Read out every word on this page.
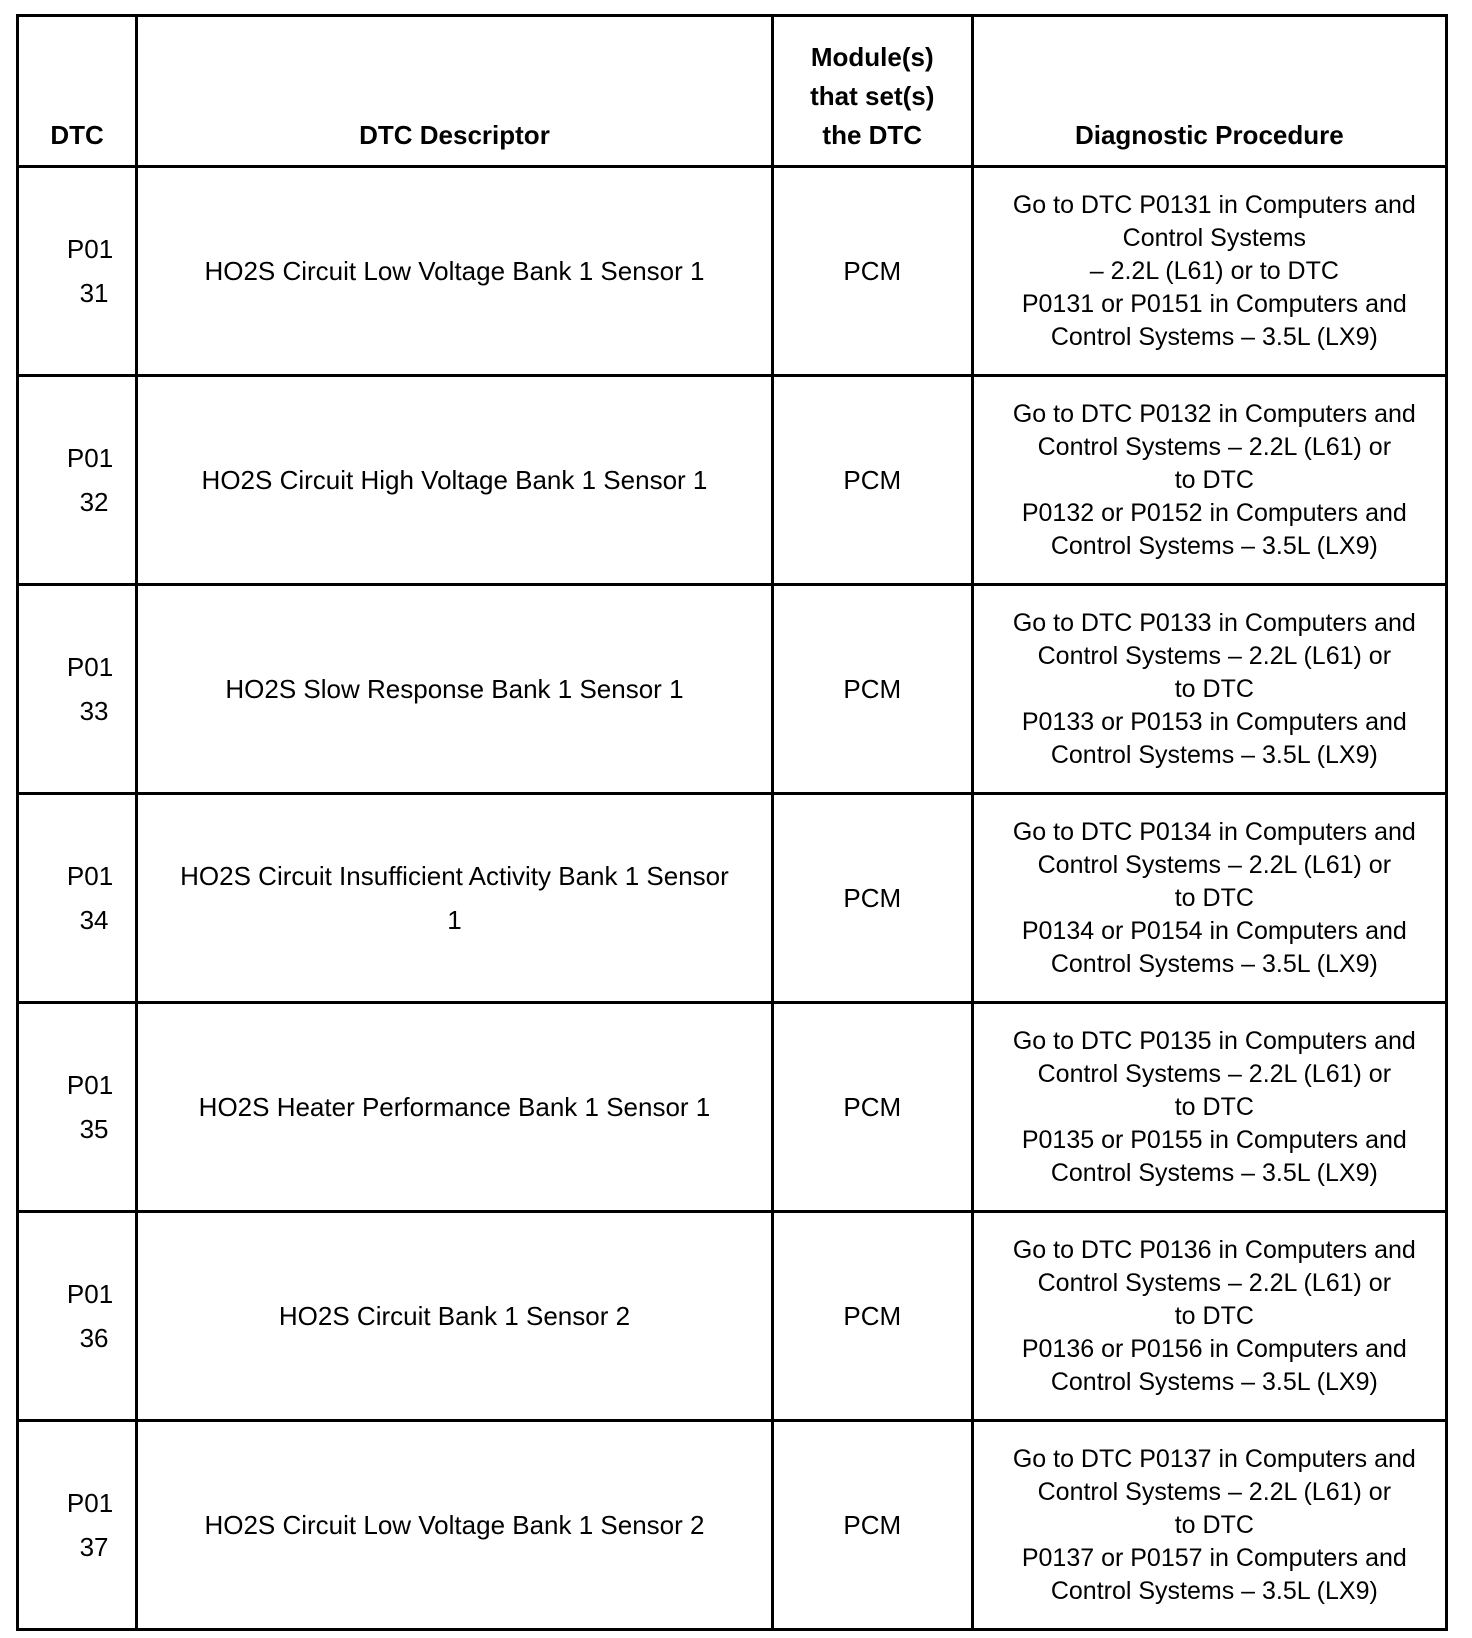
DTC	DTC Descriptor	Module(s)
that set(s)
the DTC	Diagnostic Procedure

P01
31	HO2S Circuit Low Voltage Bank 1 Sensor 1	PCM	Go to DTC P0131 in Computers and
Control Systems
– 2.2L (L61) or to DTC
P0131 or P0151 in Computers and
Control Systems – 3.5L (LX9)

P01
32	HO2S Circuit High Voltage Bank 1 Sensor 1	PCM	Go to DTC P0132 in Computers and
Control Systems – 2.2L (L61) or
to DTC
P0132 or P0152 in Computers and
Control Systems – 3.5L (LX9)

P01
33	HO2S Slow Response Bank 1 Sensor 1	PCM	Go to DTC P0133 in Computers and
Control Systems – 2.2L (L61) or
to DTC
P0133 or P0153 in Computers and
Control Systems – 3.5L (LX9)

P01
34	HO2S Circuit Insufficient Activity Bank 1 Sensor 1	PCM	Go to DTC P0134 in Computers and
Control Systems – 2.2L (L61) or
to DTC
P0134 or P0154 in Computers and
Control Systems – 3.5L (LX9)

P01
35	HO2S Heater Performance Bank 1 Sensor 1	PCM	Go to DTC P0135 in Computers and
Control Systems – 2.2L (L61) or
to DTC
P0135 or P0155 in Computers and
Control Systems – 3.5L (LX9)

P01
36	HO2S Circuit Bank 1 Sensor 2	PCM	Go to DTC P0136 in Computers and
Control Systems – 2.2L (L61) or
to DTC
P0136 or P0156 in Computers and
Control Systems – 3.5L (LX9)

P01
37	HO2S Circuit Low Voltage Bank 1 Sensor 2	PCM	Go to DTC P0137 in Computers and
Control Systems – 2.2L (L61) or
to DTC
P0137 or P0157 in Computers and
Control Systems – 3.5L (LX9)
